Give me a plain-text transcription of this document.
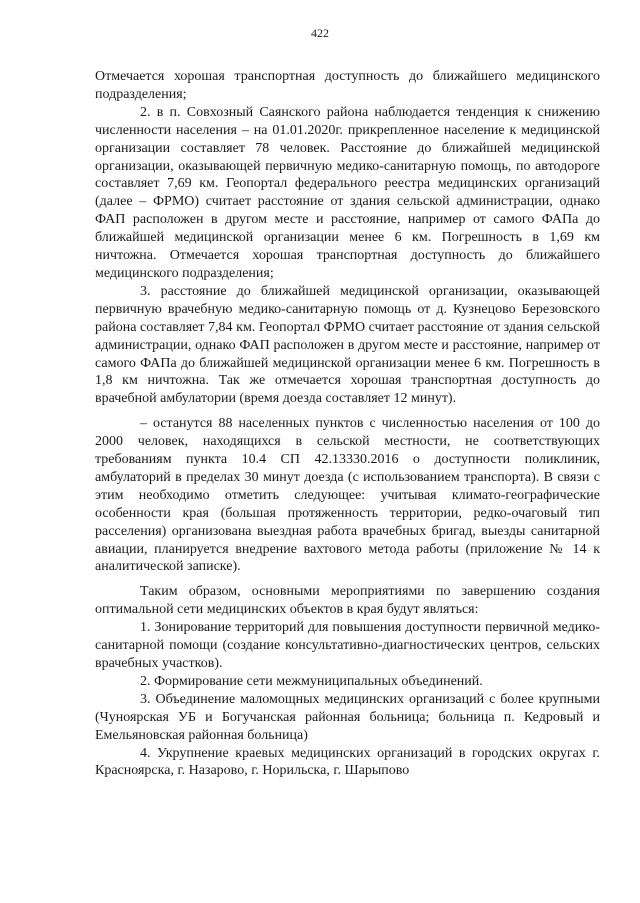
422

Отмечается хорошая транспортная доступность до ближайшего медицинского подразделения;

2. в п. Совхозный Саянского района наблюдается тенденция к снижению численности населения – на 01.01.2020г. прикрепленное население к медицинской организации составляет 78 человек. Расстояние до ближайшей медицинской организации, оказывающей первичную медико-санитарную помощь, по автодороге составляет 7,69 км. Геопортал федерального реестра медицинских организаций (далее – ФРМО) считает расстояние от здания сельской администрации, однако ФАП расположен в другом месте и расстояние, например от самого ФАПа до ближайшей медицинской организации менее 6 км. Погрешность в 1,69 км ничтожна. Отмечается хорошая транспортная доступность до ближайшего медицинского подразделения;

3. расстояние до ближайшей медицинской организации, оказывающей первичную врачебную медико-санитарную помощь от д. Кузнецово Березовского района составляет 7,84 км. Геопортал ФРМО считает расстояние от здания сельской администрации, однако ФАП расположен в другом месте и расстояние, например от самого ФАПа до ближайшей медицинской организации менее 6 км. Погрешность в 1,8 км ничтожна. Так же отмечается хорошая транспортная доступность до врачебной амбулатории (время доезда составляет 12 минут).

– останутся 88 населенных пунктов с численностью населения от 100 до 2000 человек, находящихся в сельской местности, не соответствующих требованиям пункта 10.4 СП 42.13330.2016 о доступности поликлиник, амбулаторий в пределах 30 минут доезда (с использованием транспорта). В связи с этим необходимо отметить следующее: учитывая климато-географические особенности края (большая протяженность территории, редко-очаговый тип расселения) организована выездная работа врачебных бригад, выезды санитарной авиации, планируется внедрение вахтового метода работы (приложение № 14 к аналитической записке).

Таким образом, основными мероприятиями по завершению создания оптимальной сети медицинских объектов в края будут являться:

1. Зонирование территорий для повышения доступности первичной медико-санитарной помощи (создание консультативно-диагностических центров, сельских врачебных участков).

2. Формирование сети межмуниципальных объединений.

3. Объединение маломощных медицинских организаций с более крупными (Чуноярская УБ и Богучанская районная больница; больница п. Кедровый и Емельяновская районная больница)

4. Укрупнение краевых медицинских организаций в городских округах г. Красноярска, г. Назарово, г. Норильска, г. Шарыпово
